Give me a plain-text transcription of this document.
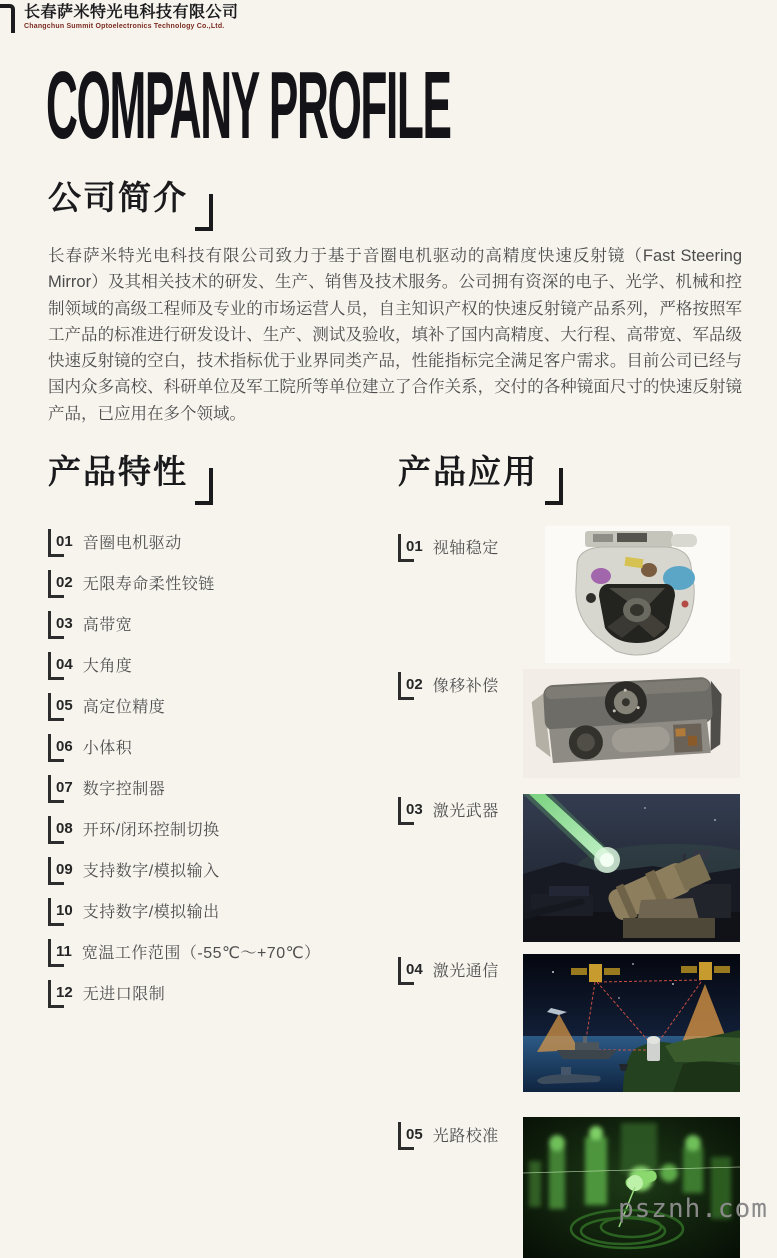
长春萨米特光电科技有限公司
Changchun Summit Optoelectronics Technology Co.,Ltd.
COMPANY PROFILE
公司简介
长春萨米特光电科技有限公司致力于基于音圈电机驱动的高精度快速反射镜（Fast Steering Mirror）及其相关技术的研发、生产、销售及技术服务。公司拥有资深的电子、光学、机械和控制领域的高级工程师及专业的市场运营人员，自主知识产权的快速反射镜产品系列，严格按照军工产品的标准进行研发设计、生产、测试及验收，填补了国内高精度、大行程、高带宽、军品级快速反射镜的空白，技术指标优于业界同类产品，性能指标完全满足客户需求。目前公司已经与国内众多高校、科研单位及军工院所等单位建立了合作关系，交付的各种镜面尺寸的快速反射镜产品，已应用在多个领域。
产品特性	产品应用
01 音圈电机驱动
02 无限寿命柔性铰链
03 高带宽
04 大角度
05 高定位精度
06 小体积
07 数字控制器
08 开环/闭环控制切换
09 支持数字/模拟输入
10 支持数字/模拟输出
11 宽温工作范围（-55℃～+70℃）
12 无进口限制
01 视轴稳定
02 像移补偿
03 激光武器
04 激光通信
05 光路校准
psznh.com
